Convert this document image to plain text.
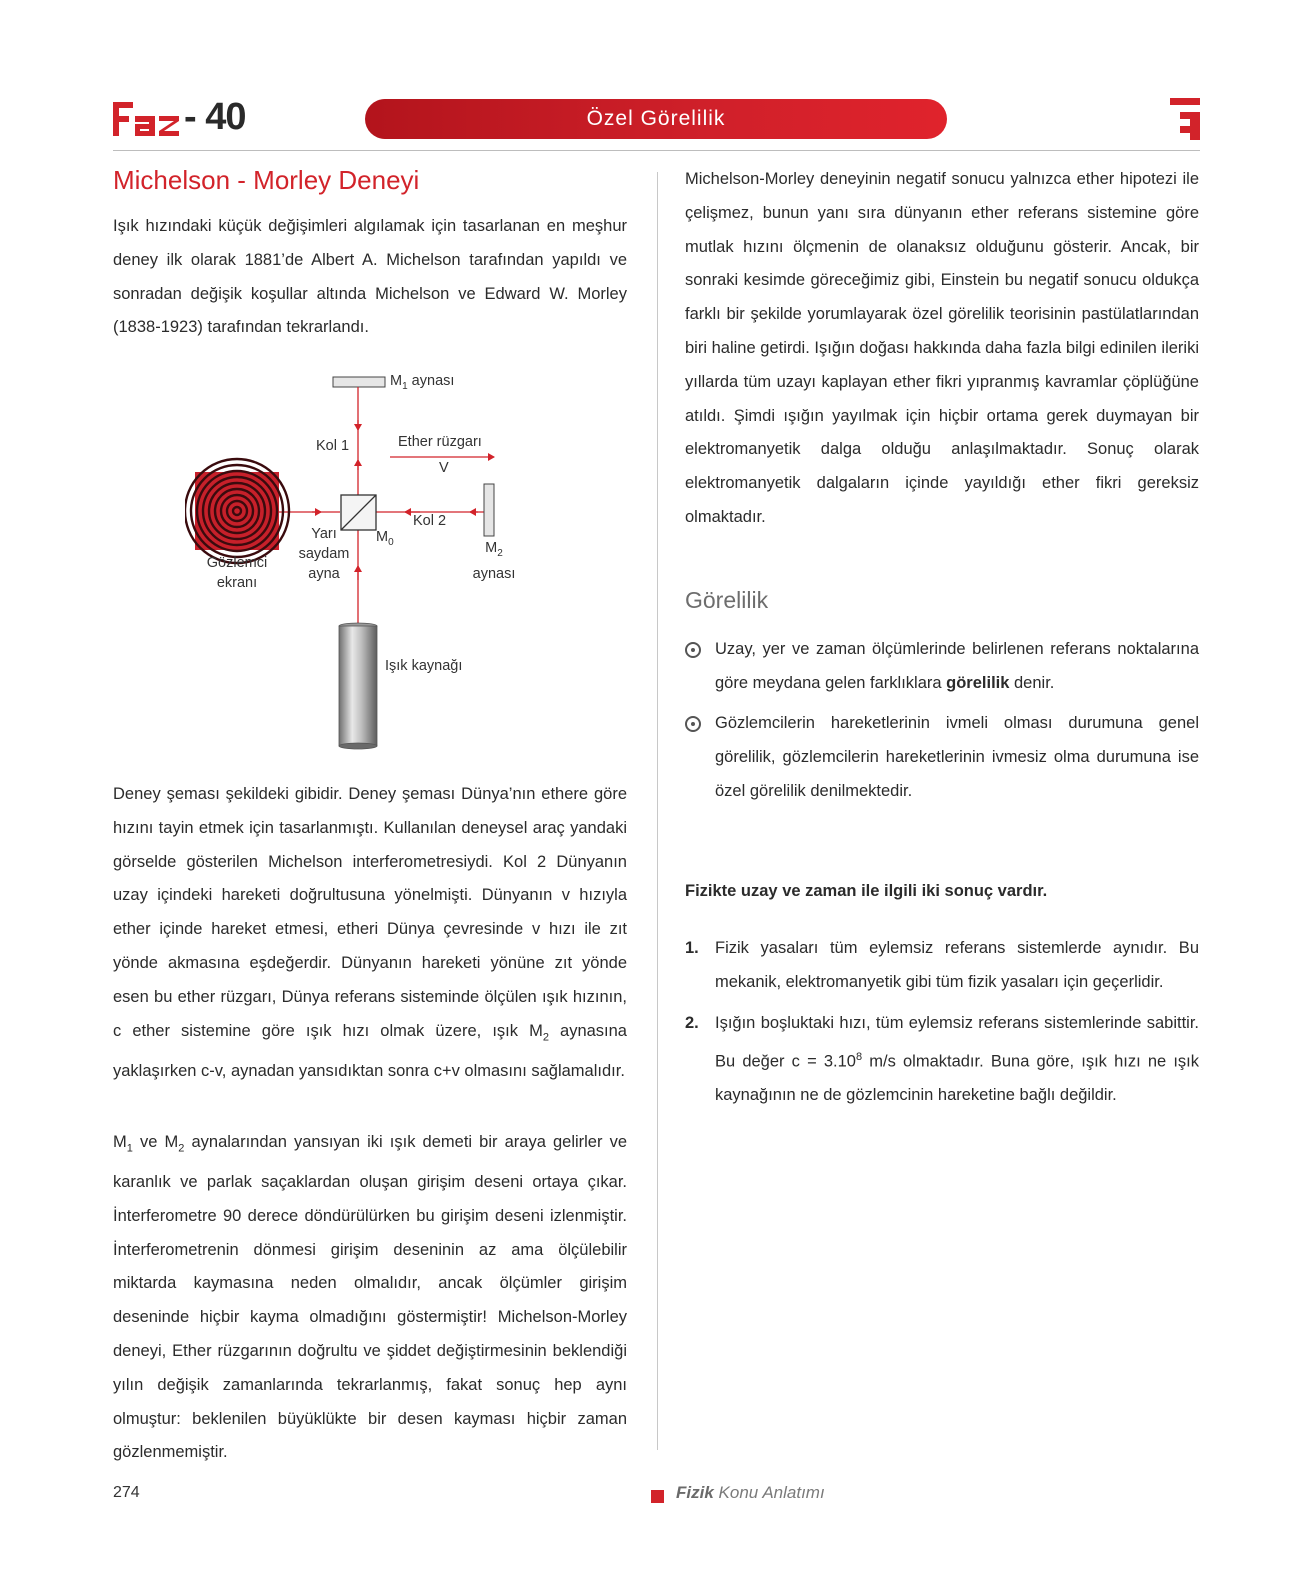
- 40	Özel Görelilik
Michelson - Morley Deneyi
Işık hızındaki küçük değişimleri algılamak için tasarlanan en meşhur deney ilk olarak 1881’de Albert A. Michelson tarafından yapıldı ve sonradan değişik koşullar altında Michelson ve Edward W. Morley (1838-1923) tarafından tekrarlandı.
$M_1$ aynası
Kol 1	Ether rüzgarı
V
Kol 2
$M_0$
Yarı
saydam
ayna
$M_2$
aynası
Gözlemci
ekranı
Işık kaynağı
Deney şeması şekildeki gibidir. Deney şeması Dünya’nın ethere göre hızını tayin etmek için tasarlanmıştı. Kullanılan deneysel araç yandaki görselde gösterilen Michelson interferometresiydi. Kol 2 Dünyanın uzay içindeki hareketi doğrultusuna yönelmişti. Dünyanın v hızıyla ether içinde hareket etmesi, etheri Dünya çevresinde v hızı ile zıt yönde akmasına eşdeğerdir. Dünyanın hareketi yönüne zıt yönde esen bu ether rüzgarı, Dünya referans sisteminde ölçülen ışık hızının, c ether sistemine göre ışık hızı olmak üzere, ışık $M_2$ aynasına yaklaşırken c-v, aynadan yansıdıktan sonra c+v olmasını sağlamalıdır.
$M_1$ ve $M_2$ aynalarından yansıyan iki ışık demeti bir araya gelirler ve karanlık ve parlak saçaklardan oluşan girişim deseni ortaya çıkar. İnterferometre 90 derece döndürülürken bu girişim deseni izlenmiştir. İnterferometrenin dönmesi girişim deseninin az ama ölçülebilir miktarda kaymasına neden olmalıdır, ancak ölçümler girişim deseninde hiçbir kayma olmadığını göstermiştir! Michelson-Morley deneyi, Ether rüzgarının doğrultu ve şiddet değiştirmesinin beklendiği yılın değişik zamanlarında tekrarlanmış, fakat sonuç hep aynı olmuştur: beklenilen büyüklükte bir desen kayması hiçbir zaman gözlenmemiştir.
Michelson-Morley deneyinin negatif sonucu yalnızca ether hipotezi ile çelişmez, bunun yanı sıra dünyanın ether referans sistemine göre mutlak hızını ölçmenin de olanaksız olduğunu gösterir. Ancak, bir sonraki kesimde göreceğimiz gibi, Einstein bu negatif sonucu oldukça farklı bir şekilde yorumlayarak özel görelilik teorisinin pastülatlarından biri haline getirdi. Işığın doğası hakkında daha fazla bilgi edinilen ileriki yıllarda tüm uzayı kaplayan ether fikri yıpranmış kavramlar çöplüğüne atıldı. Şimdi ışığın yayılmak için hiçbir ortama gerek duymayan bir elektromanyetik dalga olduğu anlaşılmaktadır. Sonuç olarak elektromanyetik dalgaların içinde yayıldığı ether fikri gereksiz olmaktadır.
Görelilik
Uzay, yer ve zaman ölçümlerinde belirlenen referans noktalarına göre meydana gelen farklıklara görelilik denir.
Gözlemcilerin hareketlerinin ivmeli olması durumuna genel görelilik, gözlemcilerin hareketlerinin ivmesiz olma durumuna ise özel görelilik denilmektedir.
Fizikte uzay ve zaman ile ilgili iki sonuç vardır.
1. Fizik yasaları tüm eylemsiz referans sistemlerde aynıdır. Bu mekanik, elektromanyetik gibi tüm fizik yasaları için geçerlidir.
2. Işığın boşluktaki hızı, tüm eylemsiz referans sistemlerinde sabittir. Bu değer $c = 3.10^8$ m/s olmaktadır. Buna göre, ışık hızı ne ışık kaynağının ne de gözlemcinin hareketine bağlı değildir.
274	Fizik Konu Anlatımı
